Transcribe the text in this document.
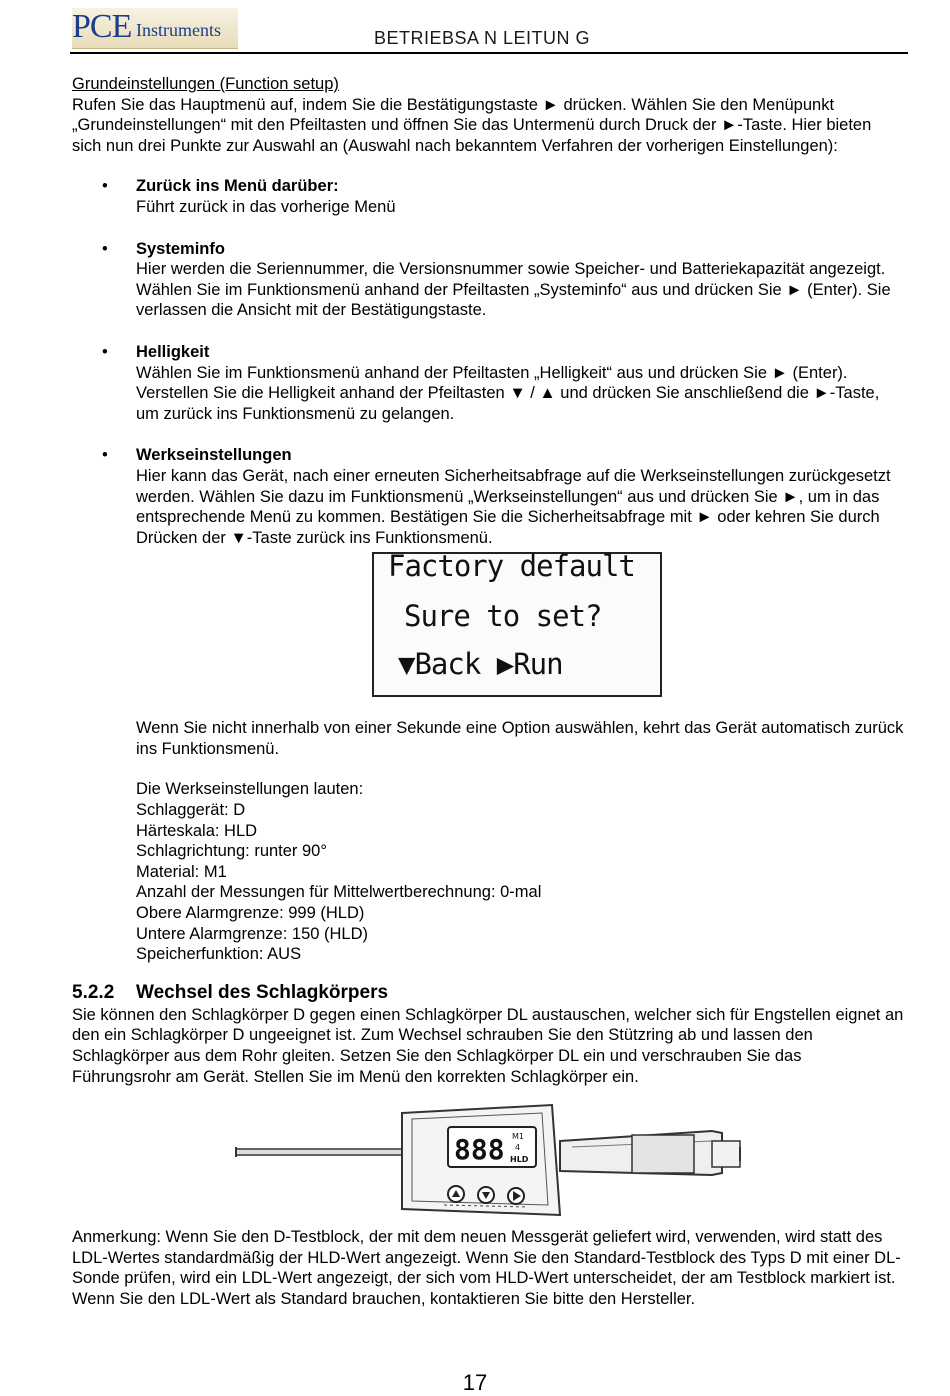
PCE Instruments	BETRIEBSA N LEITUN G

Grundeinstellungen (Function setup)

Rufen Sie das Hauptmenü auf, indem Sie die Bestätigungstaste ► drücken. Wählen Sie den Menüpunkt „Grundeinstellungen“ mit den Pfeiltasten und öffnen Sie das Untermenü durch Druck der ►-Taste. Hier bieten sich nun drei Punkte zur Auswahl an (Auswahl nach bekanntem Verfahren der vorherigen Einstellungen):

• Zurück ins Menü darüber:

Führt zurück in das vorherige Menü

• Systeminfo

Hier werden die Seriennummer, die Versionsnummer sowie Speicher- und Batteriekapazität angezeigt. Wählen Sie im Funktionsmenü anhand der Pfeiltasten „Systeminfo“ aus und drücken Sie ► (Enter). Sie verlassen die Ansicht mit der Bestätigungstaste.

• Helligkeit

Wählen Sie im Funktionsmenü anhand der Pfeiltasten „Helligkeit“ aus und drücken Sie ► (Enter). Verstellen Sie die Helligkeit anhand der Pfeiltasten ▼ / ▲ und drücken Sie anschließend die ►-Taste, um zurück ins Funktionsmenü zu gelangen.

• Werkseinstellungen

Hier kann das Gerät, nach einer erneuten Sicherheitsabfrage auf die Werkseinstellungen zurückgesetzt werden. Wählen Sie dazu im Funktionsmenü „Werkseinstellungen“ aus und drücken Sie ►, um in das entsprechende Menü zu kommen. Bestätigen Sie die Sicherheitsabfrage mit ► oder kehren Sie durch Drücken der ▼-Taste zurück ins Funktionsmenü.

Factory default
Sure to set?
▼Back ▶Run

Wenn Sie nicht innerhalb von einer Sekunde eine Option auswählen, kehrt das Gerät automatisch zurück ins Funktionsmenü.

Die Werkseinstellungen lauten:

Schlaggerät: D

Härteskala: HLD

Schlagrichtung: runter 90°

Material: M1

Anzahl der Messungen für Mittelwertberechnung: 0-mal

Obere Alarmgrenze: 999 (HLD)

Untere Alarmgrenze: 150 (HLD)

Speicherfunktion: AUS

5.2.2 Wechsel des Schlagkörpers

Sie können den Schlagkörper D gegen einen Schlagkörper DL austauschen, welcher sich für Engstellen eignet an den ein Schlagkörper D ungeeignet ist. Zum Wechsel schrauben Sie den Stützring ab und lassen den Schlagkörper aus dem Rohr gleiten. Setzen Sie den Schlagkörper DL ein und verschrauben Sie das Führungsrohr am Gerät. Stellen Sie im Menü den korrekten Schlagkörper ein.

888 M1
4
HLD

Anmerkung: Wenn Sie den D-Testblock, der mit dem neuen Messgerät geliefert wird, verwenden, wird statt des LDL-Wertes standardmäßig der HLD-Wert angezeigt. Wenn Sie den Standard-Testblock des Typs D mit einer DL-Sonde prüfen, wird ein LDL-Wert angezeigt, der sich vom HLD-Wert unterscheidet, der am Testblock markiert ist. Wenn Sie den LDL-Wert als Standard brauchen, kontaktieren Sie bitte den Hersteller.

17
